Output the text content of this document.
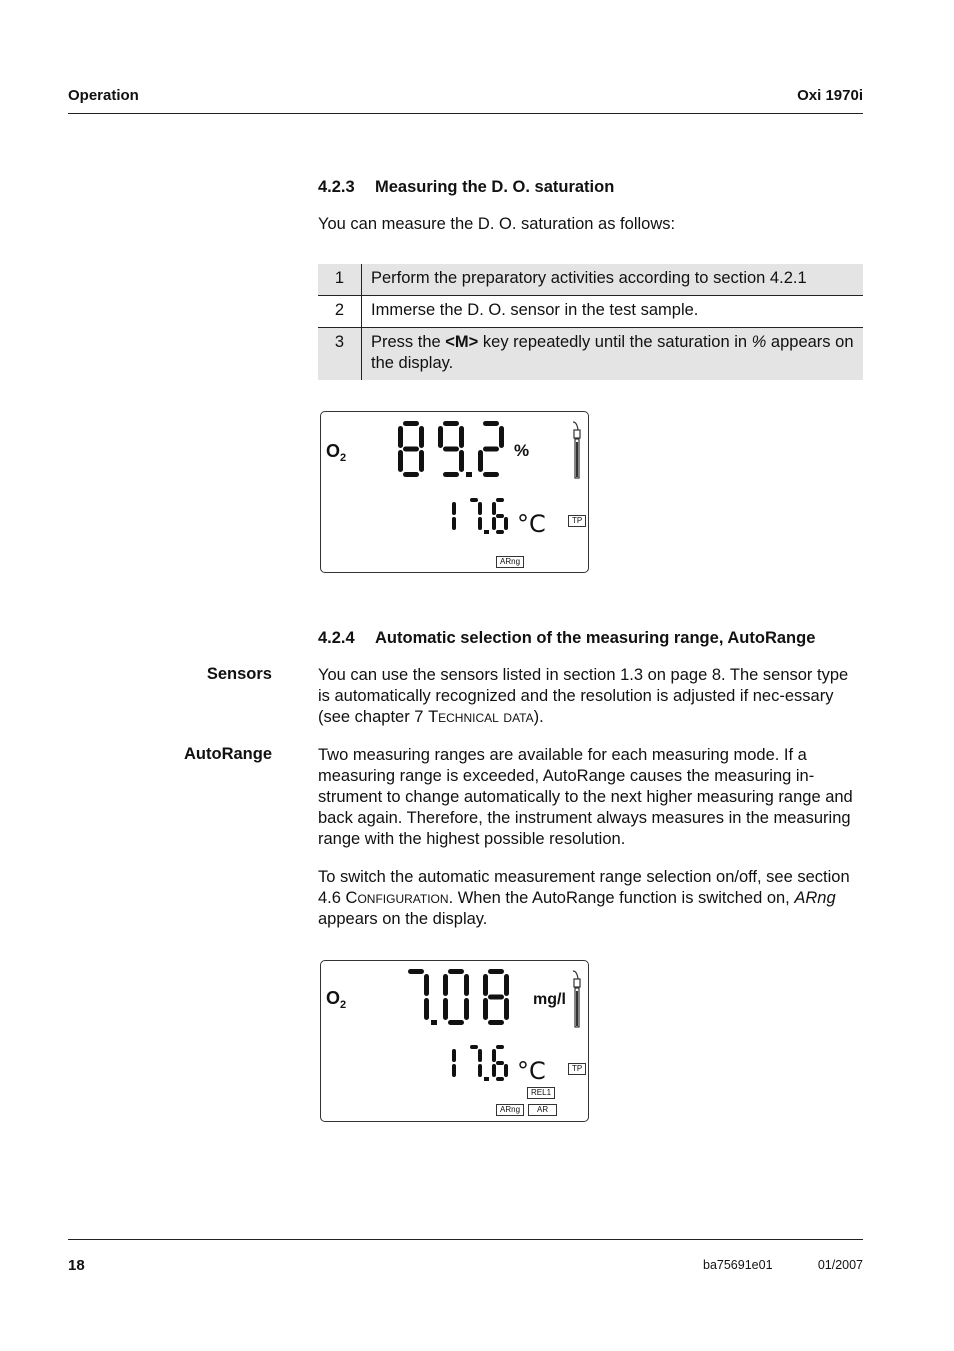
Operation	Oxi 1970i
4.2.3 Measuring the D. O. saturation
You can measure the D. O. saturation as follows:
1	Perform the preparatory activities according to section 4.2.1
2	Immerse the D. O. sensor in the test sample.
3	Press the <M> key repeatedly until the saturation in % appears on the display.
O 2	%
°C	TP
ARng
4.2.4 Automatic selection of the measuring range, AutoRange
Sensors	You can use the sensors listed in section 1.3 on page 8. The sensor type is automatically recognized and the resolution is adjusted if nec-essary (see chapter 7 Technical data).
AutoRange	Two measuring ranges are available for each measuring mode. If a measuring range is exceeded, AutoRange causes the measuring in-strument to change automatically to the next higher measuring range and back again. Therefore, the instrument always measures in the measuring range with the highest possible resolution.
To switch the automatic measurement range selection on/off, see section 4.6 Configuration. When the AutoRange function is switched on, ARng appears on the display.
O 2	mg/l
°C	TP
REL1
ARng	AR
18	ba75691e01	01/2007
